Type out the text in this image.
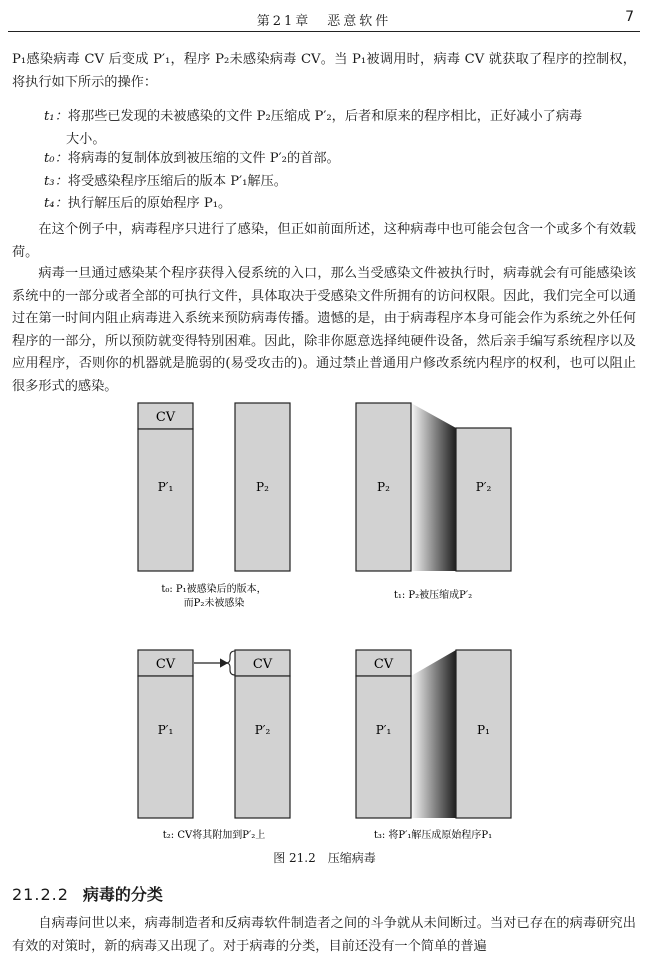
第21章　恶意软件	7

P₁感染病毒 CV 后变成 P′₁，程序 P₂未感染病毒 CV。当 P₁被调用时，病毒 CV 就获取了程序的控制权，将执行如下所示的操作：

t₁：将那些已发现的未被感染的文件 P₂压缩成 P′₂，后者和原来的程序相比，正好减小了病毒
大小。
t₀：将病毒的复制体放到被压缩的文件 P′₂的首部。
t₃：将受感染程序压缩后的版本 P′₁解压。
t₄：执行解压后的原始程序 P₁。

在这个例子中，病毒程序只进行了感染，但正如前面所述，这种病毒中也可能会包含一个或多个有效载荷。

病毒一旦通过感染某个程序获得入侵系统的入口，那么当受感染文件被执行时，病毒就会有可能感染该系统中的一部分或者全部的可执行文件，具体取决于受感染文件所拥有的访问权限。因此，我们完全可以通过在第一时间内阻止病毒进入系统来预防病毒传播。遗憾的是，由于病毒程序本身可能会作为系统之外任何程序的一部分，所以预防就变得特别困难。因此，除非你愿意选择纯硬件设备，然后亲手编写系统程序以及应用程序，否则你的机器就是脆弱的(易受攻击的)。通过禁止普通用户修改系统内程序的权利，也可以阻止很多形式的感染。

CV
P′₁	P₂
t₀: P₁被感染后的版本，
而P₂未被感染
P₂	P′₂
t₁: P₂被压缩成P′₂
CV
P′₁
CV
P′₂
t₂: CV将其附加到P′₂上
CV
P′₁	P₁
t₃: 将P′₁解压成原始程序P₁
图 21.2　压缩病毒
21.2.2 病毒的分类

自病毒问世以来，病毒制造者和反病毒软件制造者之间的斗争就从未间断过。当对已存在的病毒研究出有效的对策时，新的病毒又出现了。对于病毒的分类，目前还没有一个简单的普遍
